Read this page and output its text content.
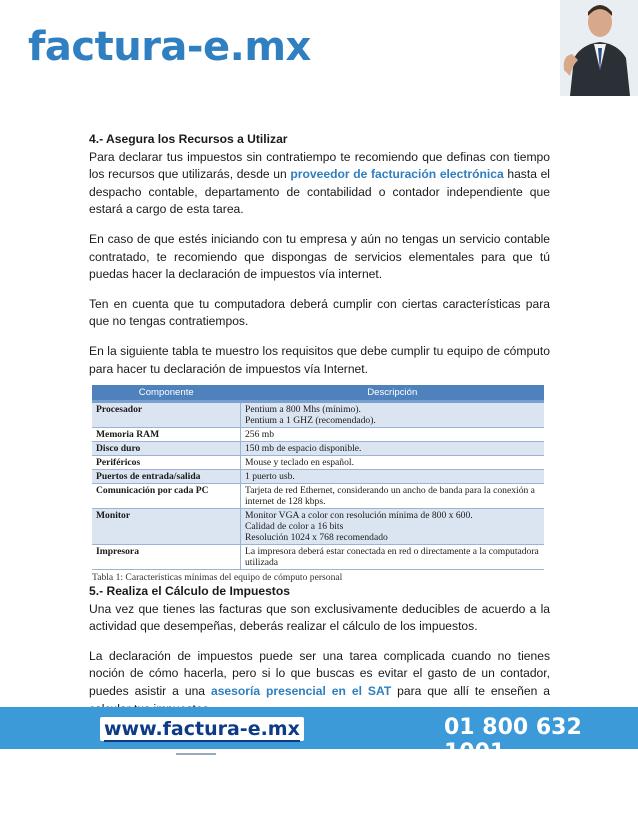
factura-e.mx

4.- Asegura los Recursos a Utilizar
Para declarar tus impuestos sin contratiempo te recomiendo que definas con tiempo los recursos que utilizarás, desde un proveedor de facturación electrónica hasta el despacho contable, departamento de contabilidad o contador independiente que estará a cargo de esta tarea.

En caso de que estés iniciando con tu empresa y aún no tengas un servicio contable contratado, te recomiendo que dispongas de servicios elementales para que tú puedas hacer la declaración de impuestos vía internet.

Ten en cuenta que tu computadora deberá cumplir con ciertas características para que no tengas contratiempos.

En la siguiente tabla te muestro los requisitos que debe cumplir tu equipo de cómputo para hacer tu declaración de impuestos vía Internet.

Componente	Descripción
Procesador	Pentium a 800 Mhs (mínimo).
Pentium a 1 GHZ (recomendado).
Memoria RAM	256 mb
Disco duro	150 mb de espacio disponible.
Periféricos	Mouse y teclado en español.
Puertos de entrada/salida	1 puerto usb.
Comunicación por cada PC	Tarjeta de red Ethernet, considerando un ancho de banda para la conexión a internet de 128 kbps.
Monitor	Monitor VGA a color con resolución mínima de 800 x 600.
Calidad de color a 16 bits
Resolución 1024 x 768 recomendado
Impresora	La impresora deberá estar conectada en red o directamente a la computadora utilizada
Tabla 1: Características mínimas del equipo de cómputo personal

5.- Realiza el Cálculo de Impuestos
Una vez que tienes las facturas que son exclusivamente deducibles de acuerdo a la actividad que desempeñas, deberás realizar el cálculo de los impuestos.

La declaración de impuestos puede ser una tarea complicada cuando no tienes noción de cómo hacerla, pero si lo que buscas es evitar el gasto de un contador, puedes asistir a una asesoría presencial en el SAT para que allí te enseñen a

www.factura-e.mx	01 800 632 1001
